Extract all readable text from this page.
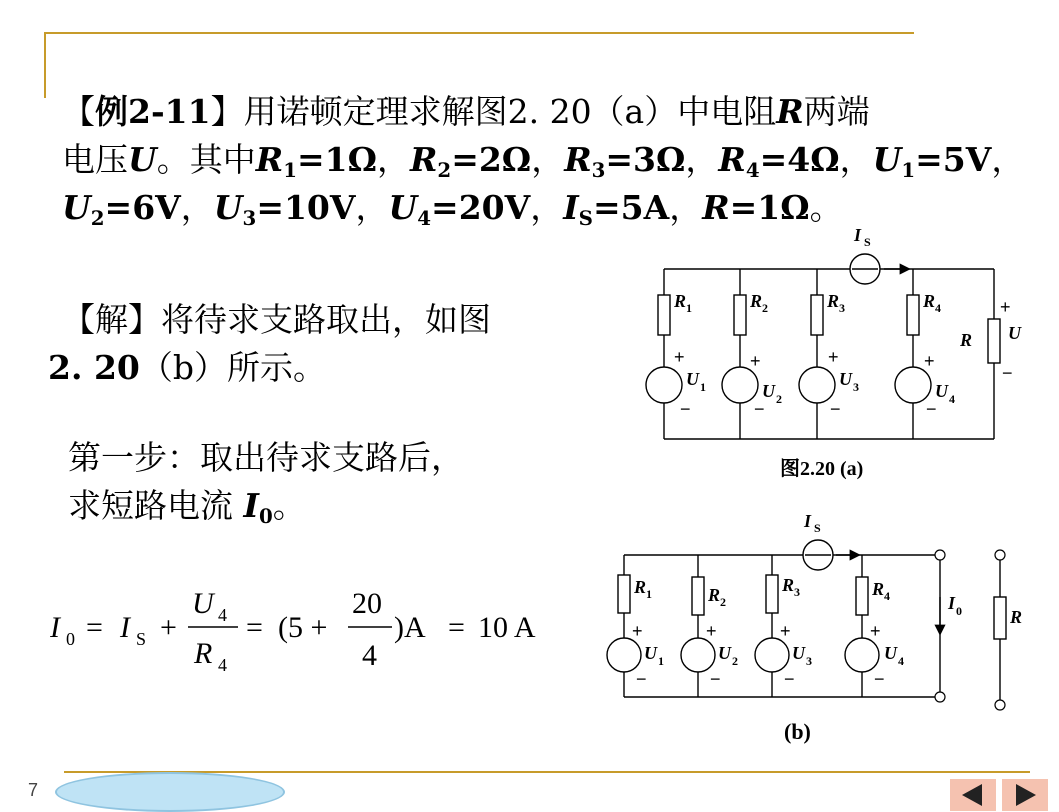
【例2-11】用诺顿定理求解图2. 20（a）中电阻R两端
电压U。其中$R_1=1\Omega$，$R_2=2\Omega$，$R_3=3\Omega$，$R_4=4\Omega$，$U_1=5V$，
$U_2=6V$，$U_3=10V$，$U_4=20V$，$I_S=5A$，R=1Ω。
【解】将待求支路取出，如图
2. 20（b）所示。
第一步：取出待求支路后，
求短路电流 $I_0$。
I 0 = I S +
U 4
R 4
= (5 +
20
4
)A = 10 A
I S
R 1	R 2	R 3	R 4
R U
U 1	U 2
U 3	U 4
+
−
+
−
+
−
+
−
+
−
图2.20 (a)
I S
R 1	R 2
R 3	R 4	I 0	R
U 1	U 2	U 3	U 4
+
−
+
−
+
−
+
−
(b)
7
